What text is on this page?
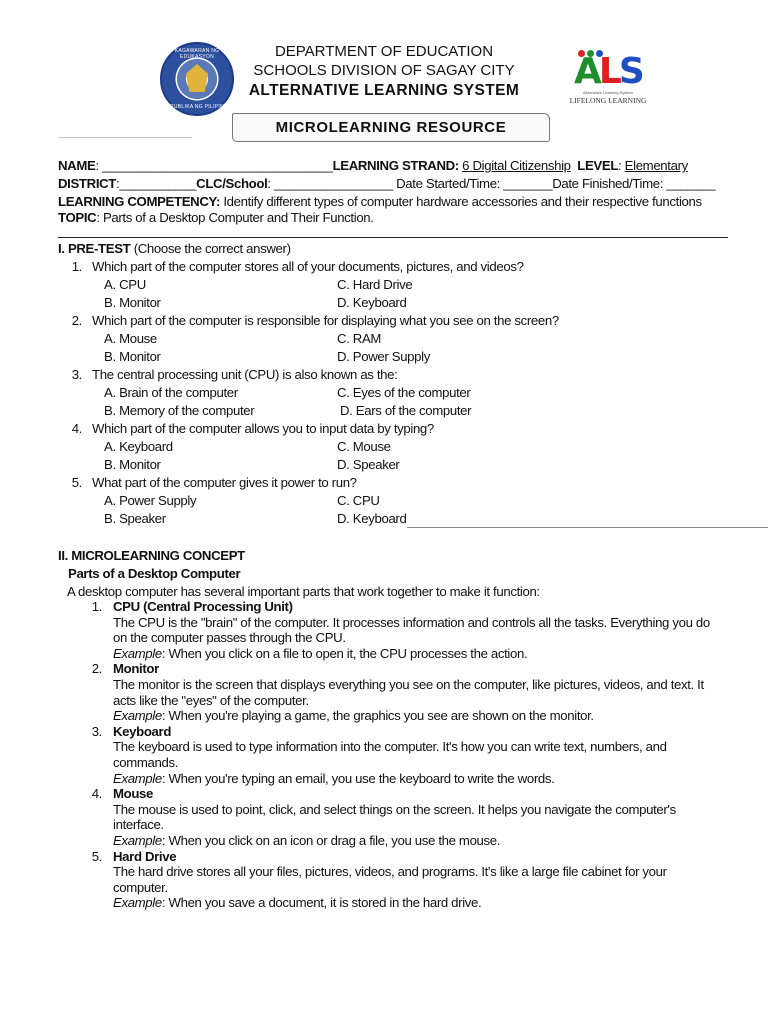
KAGAWARAN NG EDUKASYON
REPUBLIKA NG PILIPINAS
DEPARTMENT OF EDUCATION
SCHOOLS DIVISION OF SAGAY CITY
ALTERNATIVE LEARNING SYSTEM	ALS
Alternative Learning System
LIFELONG LEARNING
MICROLEARNING RESOURCE
NAME: _________________________________LEARNING STRAND: 6 Digital Citizenship LEVEL: Elementary
DISTRICT:___________CLC/School: _________________ Date Started/Time: _______Date Finished/Time: _______
LEARNING COMPETENCY: Identify different types of computer hardware accessories and their respective functions
TOPIC: Parts of a Desktop Computer and Their Function.
I. PRE-TEST (Choose the correct answer)
1. Which part of the computer stores all of your documents, pictures, and videos?
A. CPU	C. Hard Drive
B. Monitor	D. Keyboard
2. Which part of the computer is responsible for displaying what you see on the screen?
A. Mouse	C. RAM
B. Monitor	D. Power Supply
3. The central processing unit (CPU) is also known as the:
A. Brain of the computer	C. Eyes of the computer
B. Memory of the computer	D. Ears of the computer
4. Which part of the computer allows you to input data by typing?
A. Keyboard	C. Mouse
B. Monitor	D. Speaker
5. What part of the computer gives it power to run?
A. Power Supply	C. CPU
B. Speaker	D. Keyboard
II. MICROLEARNING CONCEPT
Parts of a Desktop Computer
A desktop computer has several important parts that work together to make it function:
1. CPU (Central Processing Unit)
The CPU is the "brain" of the computer. It processes information and controls all the tasks. Everything you do
on the computer passes through the CPU.
Example: When you click on a file to open it, the CPU processes the action.
2. Monitor
The monitor is the screen that displays everything you see on the computer, like pictures, videos, and text. It
acts like the "eyes" of the computer.
Example: When you're playing a game, the graphics you see are shown on the monitor.
3. Keyboard
The keyboard is used to type information into the computer. It's how you can write text, numbers, and
commands.
Example: When you're typing an email, you use the keyboard to write the words.
4. Mouse
The mouse is used to point, click, and select things on the screen. It helps you navigate the computer's
interface.
Example: When you click on an icon or drag a file, you use the mouse.
5. Hard Drive
The hard drive stores all your files, pictures, videos, and programs. It's like a large file cabinet for your
computer.
Example: When you save a document, it is stored in the hard drive.
